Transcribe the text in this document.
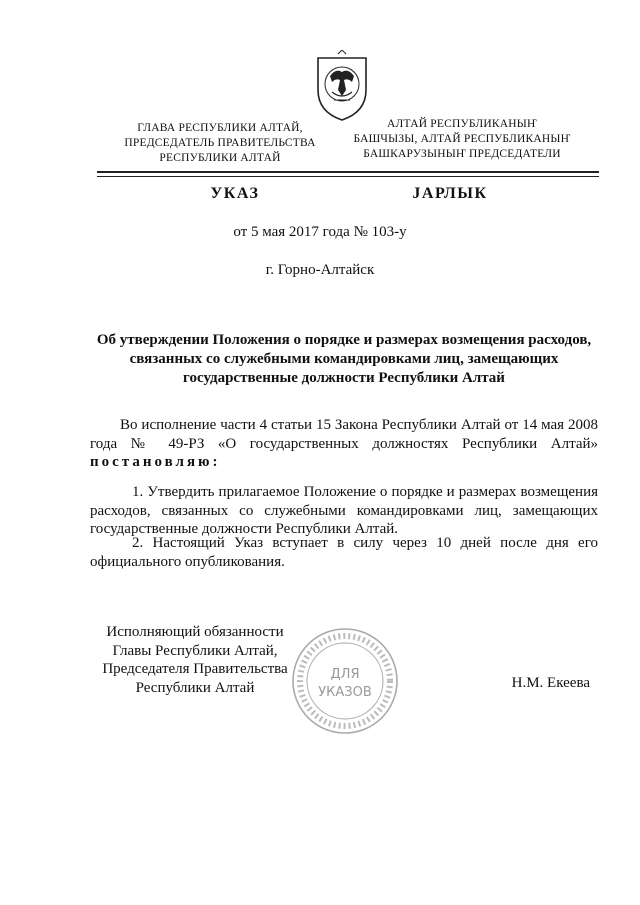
ГЛАВА РЕСПУБЛИКИ АЛТАЙ,
ПРЕДСЕДАТЕЛЬ ПРАВИТЕЛЬСТВА
РЕСПУБЛИКИ АЛТАЙ
АЛТАЙ РЕСПУБЛИКАНЫҤ
БАШЧЫЗЫ, АЛТАЙ РЕСПУБЛИКАНЫҤ
БАШКАРУЗЫНЫҤ ПРЕДСЕДАТЕЛИ
УКАЗ	JАРЛЫК
от 5 мая 2017 года № 103-у
г. Горно-Алтайск
Об утверждении Положения о порядке и размерах возмещения расходов, связанных со служебными командировками лиц, замещающих государственные должности Республики Алтай
Во исполнение части 4 статьи 15 Закона Республики Алтай от 14 мая 2008 года № 49-РЗ «О государственных должностях Республики Алтай» постановляю:
1. Утвердить прилагаемое Положение о порядке и размерах возмещения расходов, связанных со служебными командировками лиц, замещающих государственные должности Республики Алтай.
2. Настоящий Указ вступает в силу через 10 дней после дня его официального опубликования.
Исполняющий обязанности
Главы Республики Алтай,
Председателя Правительства
Республики Алтай
ДЛЯ
УКАЗОВ
Н.М. Екеева
